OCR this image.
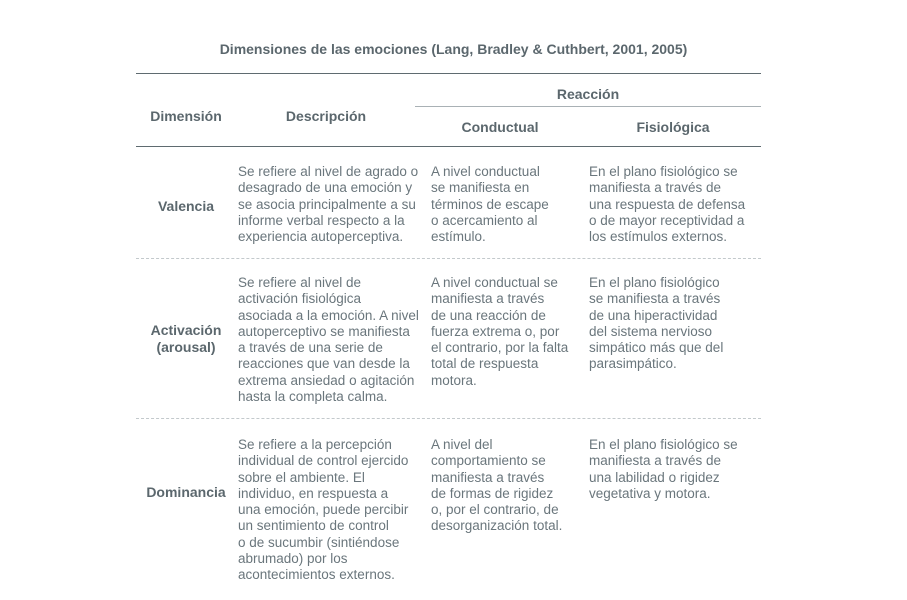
Dimensiones de las emociones (Lang, Bradley & Cuthbert, 2001, 2005)
Dimensión	Descripción
Reacción
Conductual	Fisiológica
Valencia
Se refiere al nivel de agrado o
desagrado de una emoción y
se asocia principalmente a su
informe verbal respecto a la
experiencia autoperceptiva.
A nivel conductual
se manifiesta en
términos de escape
o acercamiento al
estímulo.
En el plano fisiológico se
manifiesta a través de
una respuesta de defensa
o de mayor receptividad a
los estímulos externos.
Activación
(arousal)
Se refiere al nivel de
activación fisiológica
asociada a la emoción. A nivel
autoperceptivo se manifiesta
a través de una serie de
reacciones que van desde la
extrema ansiedad o agitación
hasta la completa calma.
A nivel conductual se
manifiesta a través
de una reacción de
fuerza extrema o, por
el contrario, por la falta
total de respuesta
motora.
En el plano fisiológico
se manifiesta a través
de una hiperactividad
del sistema nervioso
simpático más que del
parasimpático.
Dominancia
Se refiere a la percepción
individual de control ejercido
sobre el ambiente. El
individuo, en respuesta a
una emoción, puede percibir
un sentimiento de control
o de sucumbir (sintiéndose
abrumado) por los
acontecimientos externos.
A nivel del
comportamiento se
manifiesta a través
de formas de rigidez
o, por el contrario, de
desorganización total.
En el plano fisiológico se
manifiesta a través de
una labilidad o rigidez
vegetativa y motora.
